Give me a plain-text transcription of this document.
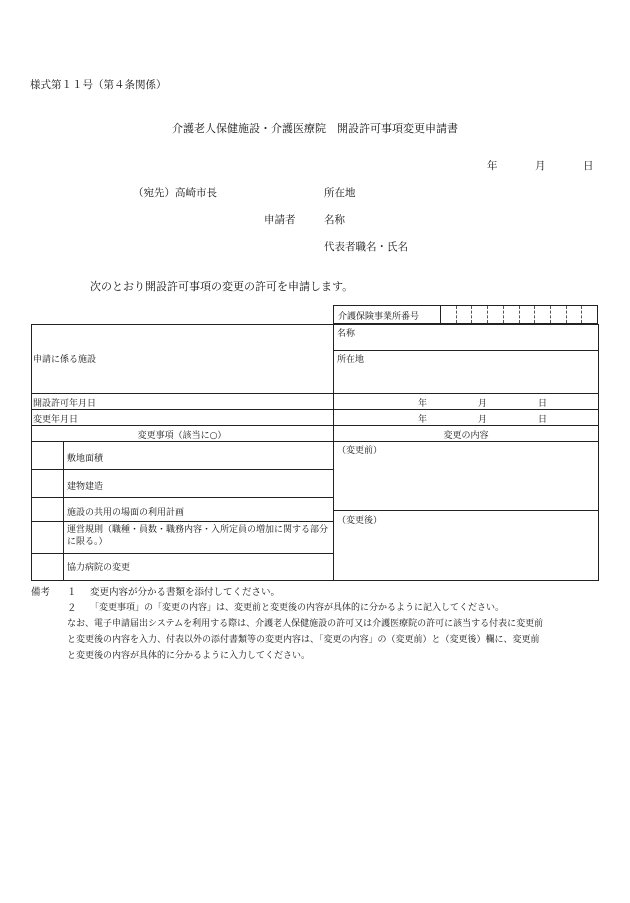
様式第１１号（第４条関係）
介護老人保健施設・介護医療院　開設許可事項変更申請書
年	月	日
（宛先）高崎市長	所在地
申請者	名称
代表者職名・氏名
次のとおり開設許可事項の変更の許可を申請します。
介護保険事業所番号
名称
申請に係る施設	所在地
開設許可年月日	年	月	日
変更年月日	年	月	日
変更事項（該当に○）	変更の内容
敷地面積
建物建造
施設の共用の場面の利用計画
運営規則（職種・員数・職務内容・入所定員の増加に関する部分に限る。）
協力病院の変更
（変更前）
（変更後）
備考 １ 変更内容が分かる書類を添付してください。
２ 「変更事項」の「変更の内容」は、変更前と変更後の内容が具体的に分かるように記入してください。
なお、電子申請届出システムを利用する際は、介護老人保健施設の許可又は介護医療院の許可に該当する付表に変更前
と変更後の内容を入力、付表以外の添付書類等の変更内容は、「変更の内容」の（変更前）と（変更後）欄に、変更前
と変更後の内容が具体的に分かるように入力してください。
